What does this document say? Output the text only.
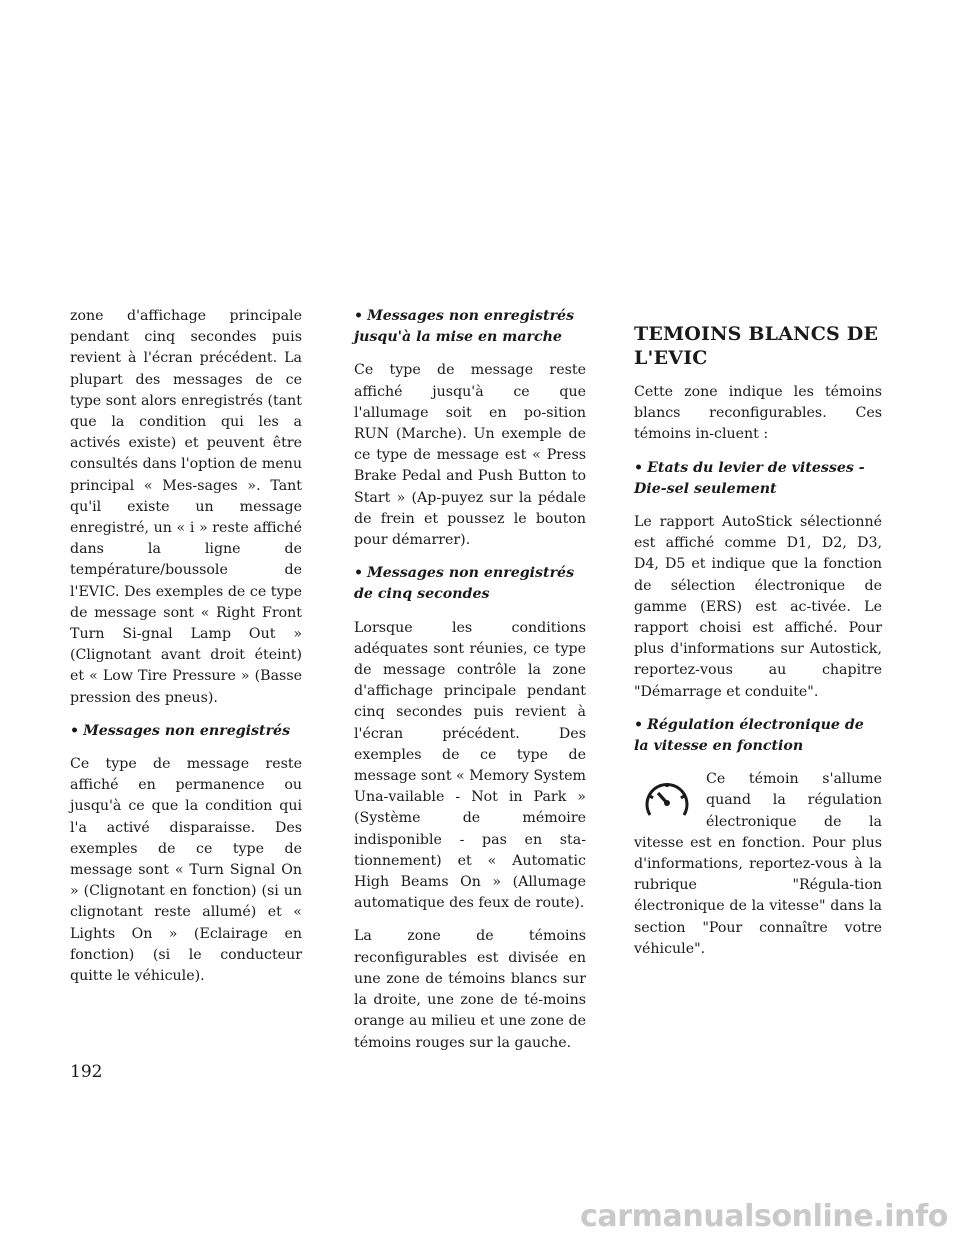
zone d'affichage principale pendant cinq secondes puis revient à l'écran précédent. La plupart des messages de ce type sont alors enregistrés (tant que la condition qui les a activés existe) et peuvent être consultés dans l'option de menu principal « Mes-sages ». Tant qu'il existe un message enregistré, un « i » reste affiché dans la ligne de température/boussole de l'EVIC. Des exemples de ce type de message sont « Right Front Turn Si-gnal Lamp Out » (Clignotant avant droit éteint) et « Low Tire Pressure » (Basse pression des pneus).

• Messages non enregistrés

Ce type de message reste affiché en permanence ou jusqu'à ce que la condition qui l'a activé disparaisse. Des exemples de ce type de message sont « Turn Signal On » (Clignotant en fonction) (si un clignotant reste allumé) et « Lights On » (Eclairage en fonction) (si le conducteur quitte le véhicule).

• Messages non enregistrés jusqu'à la mise en marche

Ce type de message reste affiché jusqu'à ce que l'allumage soit en po-sition RUN (Marche). Un exemple de ce type de message est « Press Brake Pedal and Push Button to Start » (Ap-puyez sur la pédale de frein et poussez le bouton pour démarrer).

• Messages non enregistrés de cinq secondes

Lorsque les conditions adéquates sont réunies, ce type de message contrôle la zone d'affichage principale pendant cinq secondes puis revient à l'écran précédent. Des exemples de ce type de message sont « Memory System Una-vailable - Not in Park » (Système de mémoire indisponible - pas en sta-tionnement) et « Automatic High Beams On » (Allumage automatique des feux de route).

La zone de témoins reconfigurables est divisée en une zone de témoins blancs sur la droite, une zone de té-moins orange au milieu et une zone de témoins rouges sur la gauche.

TEMOINS BLANCS DE L'EVIC

Cette zone indique les témoins blancs reconfigurables. Ces témoins in-cluent :

• Etats du levier de vitesses - Die-sel seulement

Le rapport AutoStick sélectionné est affiché comme D1, D2, D3, D4, D5 et indique que la fonction de sélection électronique de gamme (ERS) est ac-tivée. Le rapport choisi est affiché. Pour plus d'informations sur Autostick, reportez-vous au chapitre "Démarrage et conduite".

• Régulation électronique de la vitesse en fonction

Ce témoin s'allume quand la régulation électronique de la vitesse est en fonction. Pour plus d'informations, reportez-vous à la rubrique "Régula-tion électronique de la vitesse" dans la section "Pour connaître votre véhicule".

192
carmanualsonline.info
